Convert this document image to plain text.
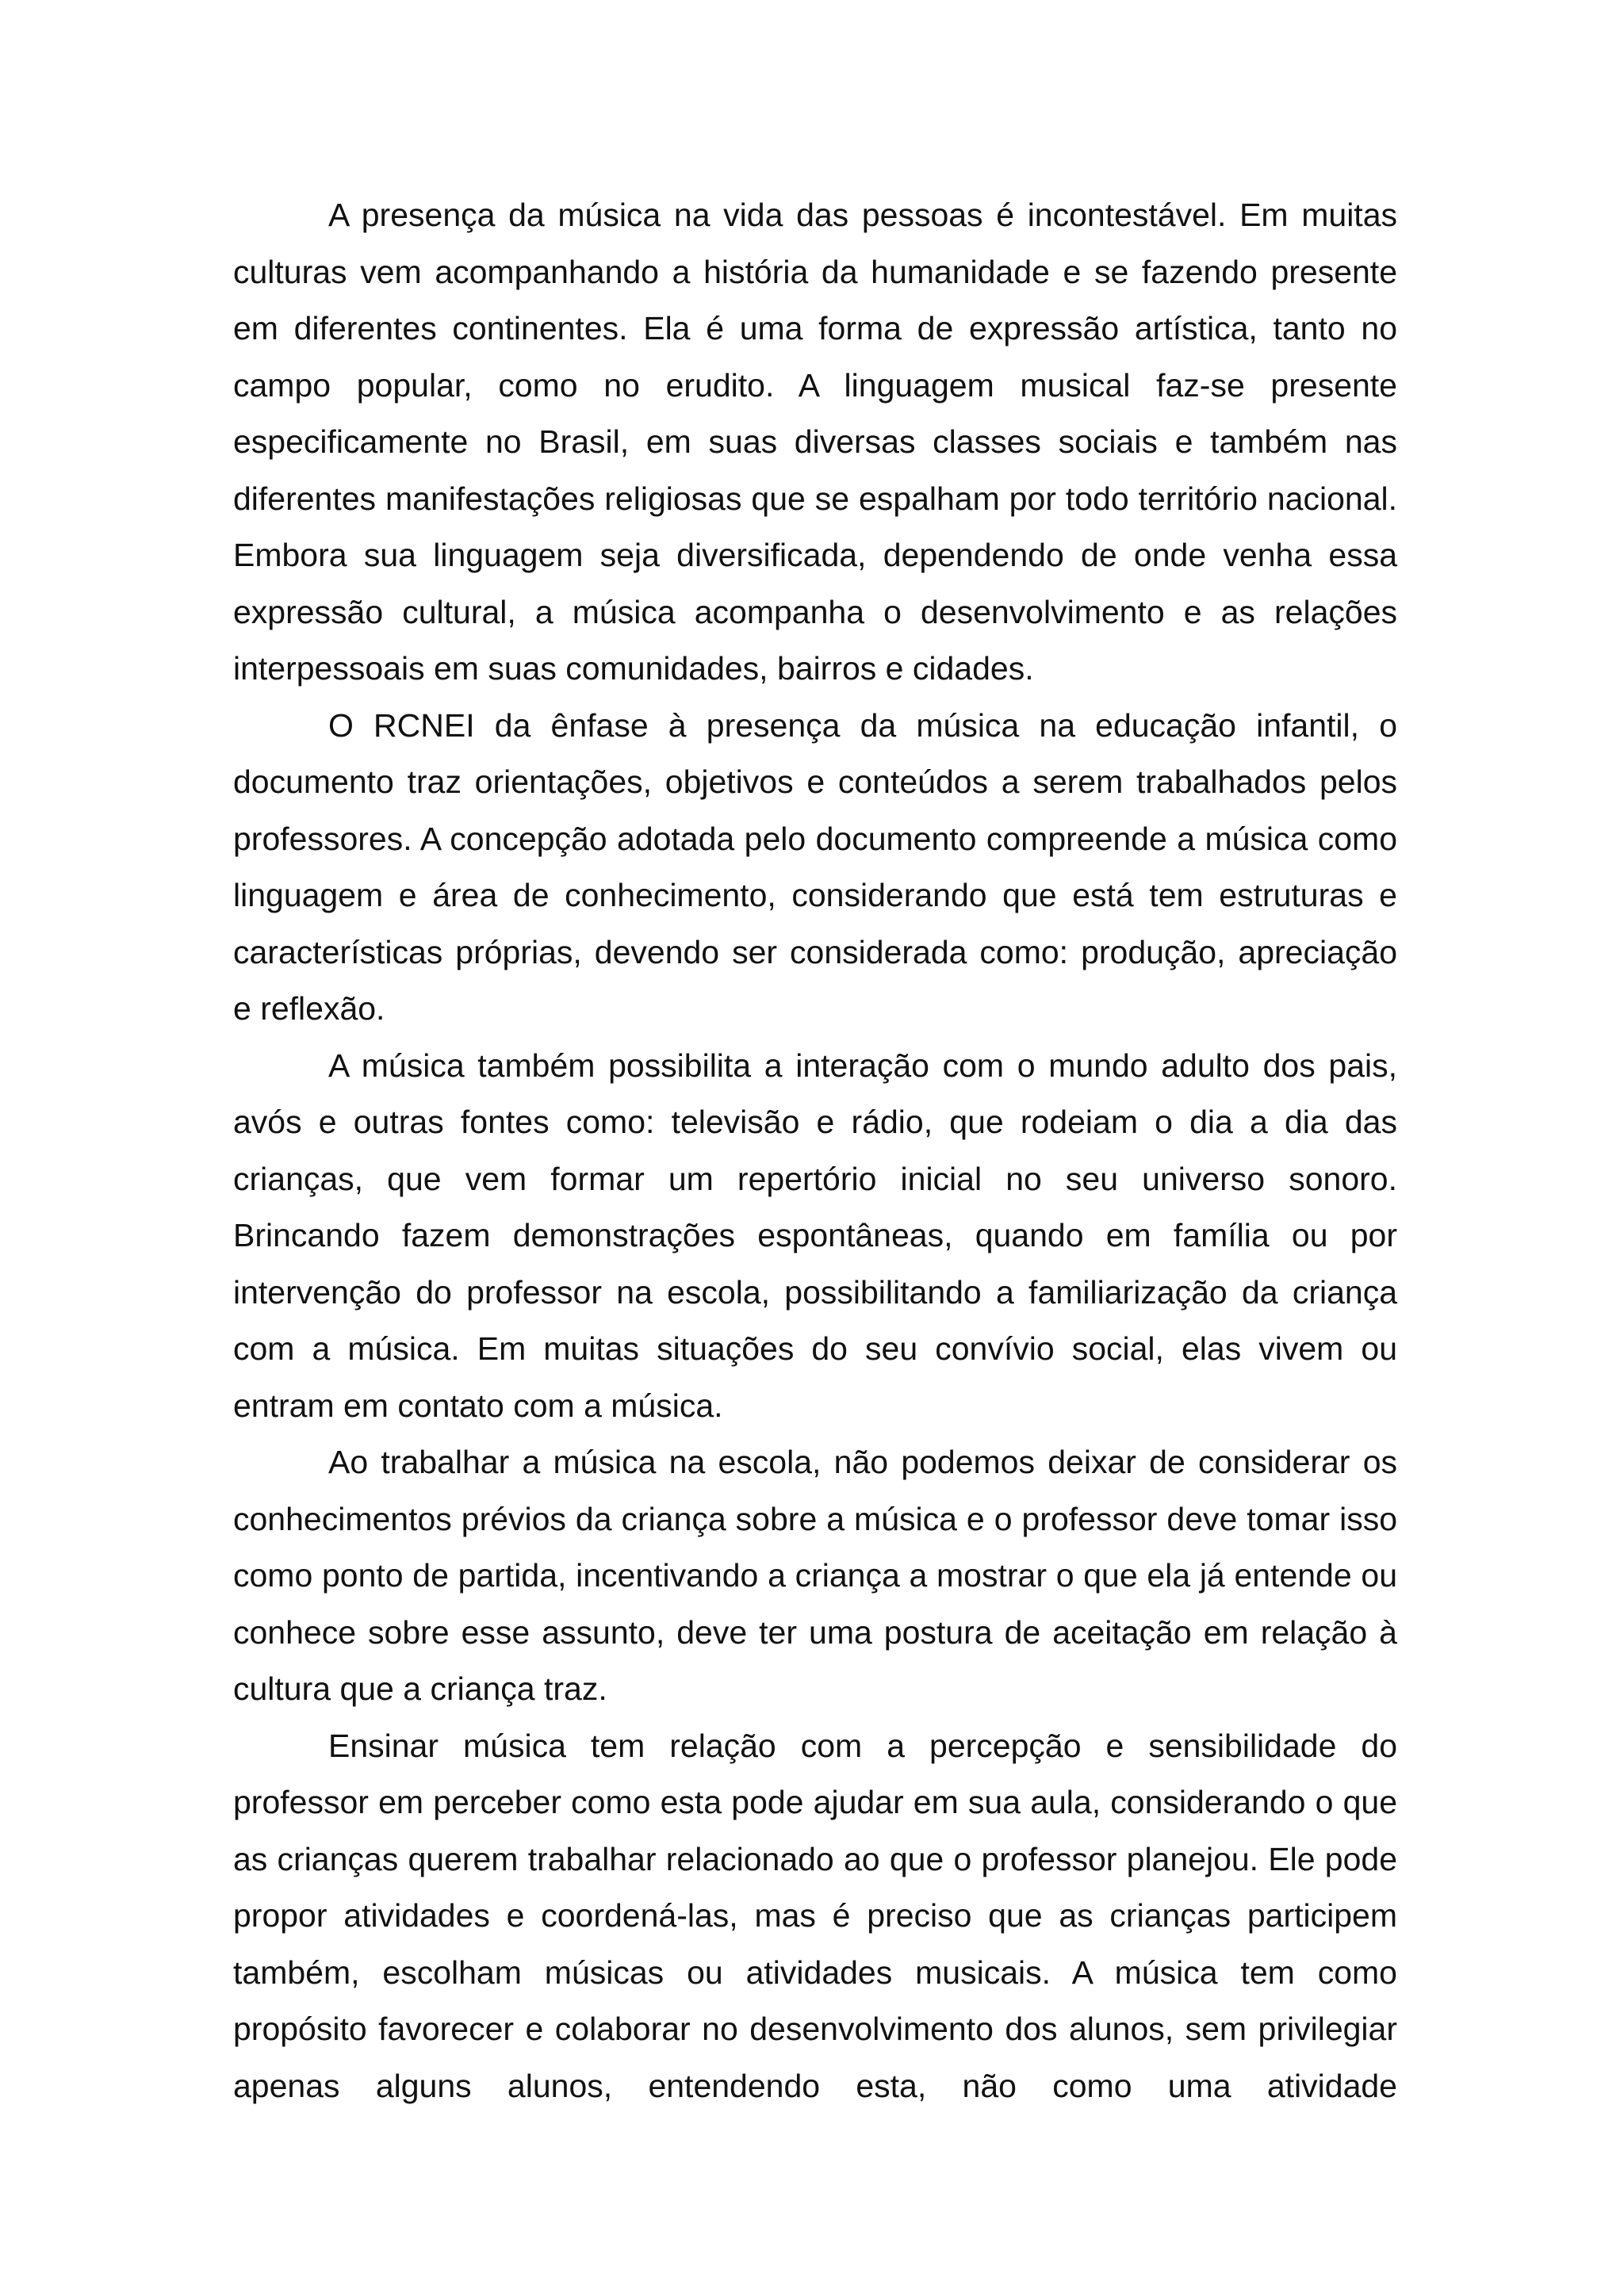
A presença da música na vida das pessoas é incontestável. Em muitas culturas vem acompanhando a história da humanidade e se fazendo presente em diferentes continentes. Ela é uma forma de expressão artística, tanto no campo popular, como no erudito. A linguagem musical faz-se presente especificamente no Brasil, em suas diversas classes sociais e também nas diferentes manifestações religiosas que se espalham por todo território nacional. Embora sua linguagem seja diversificada, dependendo de onde venha essa expressão cultural, a música acompanha o desenvolvimento e as relações interpessoais em suas comunidades, bairros e cidades.

O RCNEI da ênfase à presença da música na educação infantil, o documento traz orientações, objetivos e conteúdos a serem trabalhados pelos professores. A concepção adotada pelo documento compreende a música como linguagem e área de conhecimento, considerando que está tem estruturas e características próprias, devendo ser considerada como: produção, apreciação e reflexão.

A música também possibilita a interação com o mundo adulto dos pais, avós e outras fontes como: televisão e rádio, que rodeiam o dia a dia das crianças, que vem formar um repertório inicial no seu universo sonoro. Brincando fazem demonstrações espontâneas, quando em família ou por intervenção do professor na escola, possibilitando a familiarização da criança com a música. Em muitas situações do seu convívio social, elas vivem ou entram em contato com a música.

Ao trabalhar a música na escola, não podemos deixar de considerar os conhecimentos prévios da criança sobre a música e o professor deve tomar isso como ponto de partida, incentivando a criança a mostrar o que ela já entende ou conhece sobre esse assunto, deve ter uma postura de aceitação em relação à cultura que a criança traz.

Ensinar música tem relação com a percepção e sensibilidade do professor em perceber como esta pode ajudar em sua aula, considerando o que as crianças querem trabalhar relacionado ao que o professor planejou. Ele pode propor atividades e coordená-las, mas é preciso que as crianças participem também, escolham músicas ou atividades musicais. A música tem como propósito favorecer e colaborar no desenvolvimento dos alunos, sem privilegiar apenas alguns alunos, entendendo esta, não como uma atividade
